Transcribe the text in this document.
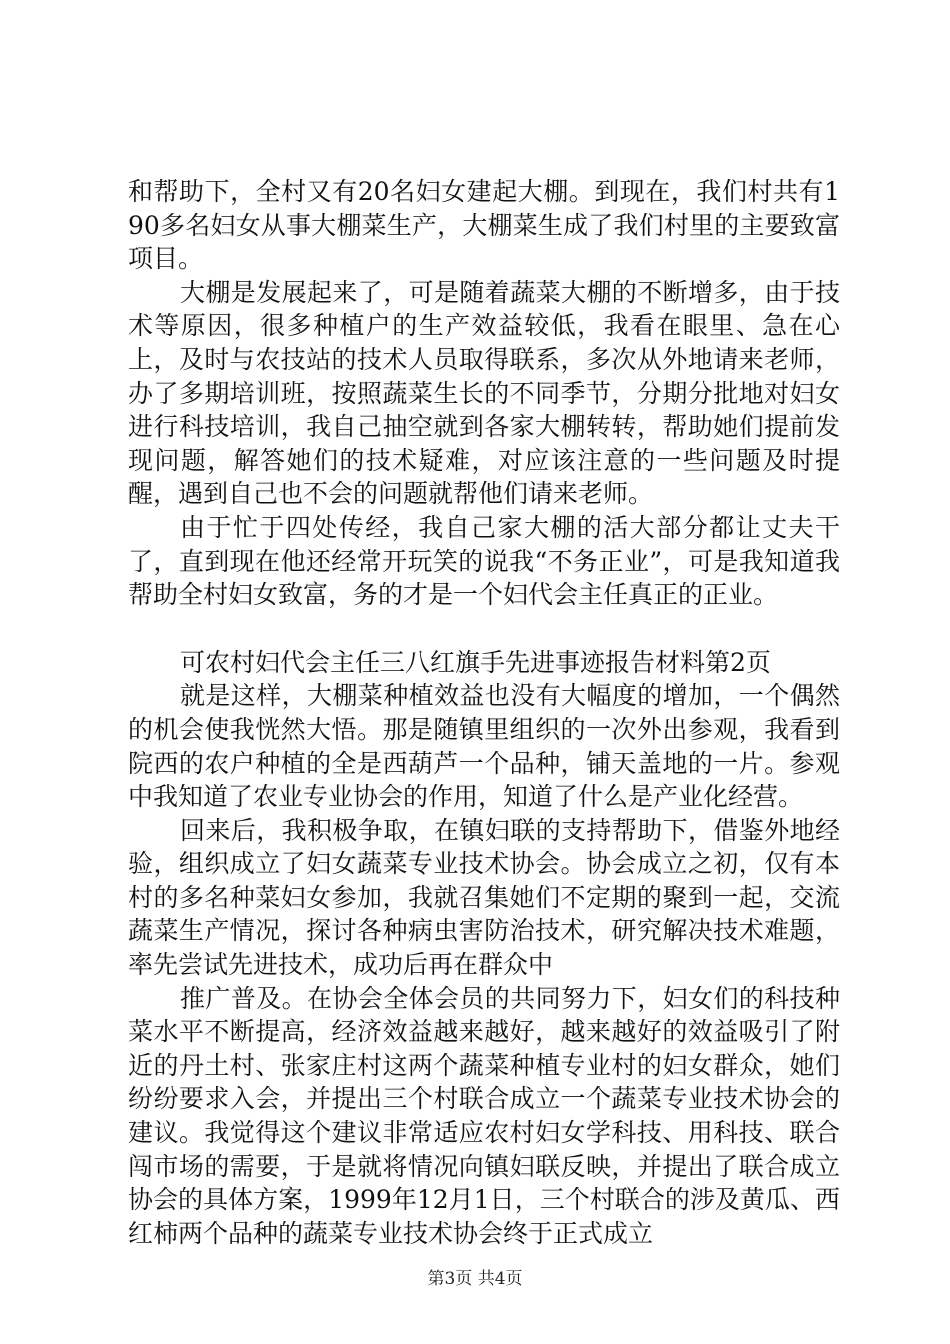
和帮助下，全村又有20名妇女建起大棚。到现在，我们村共有190多名妇女从事大棚菜生产，大棚菜生成了我们村里的主要致富项目。

大棚是发展起来了，可是随着蔬菜大棚的不断增多，由于技术等原因，很多种植户的生产效益较低，我看在眼里、急在心上，及时与农技站的技术人员取得联系，多次从外地请来老师，办了多期培训班，按照蔬菜生长的不同季节，分期分批地对妇女进行科技培训，我自己抽空就到各家大棚转转，帮助她们提前发现问题，解答她们的技术疑难，对应该注意的一些问题及时提醒，遇到自己也不会的问题就帮他们请来老师。

由于忙于四处传经，我自己家大棚的活大部分都让丈夫干了，直到现在他还经常开玩笑的说我“不务正业”，可是我知道我帮助全村妇女致富，务的才是一个妇代会主任真正的正业。

可农村妇代会主任三八红旗手先进事迹报告材料第2页

就是这样，大棚菜种植效益也没有大幅度的增加，一个偶然的机会使我恍然大悟。那是随镇里组织的一次外出参观，我看到院西的农户种植的全是西葫芦一个品种，铺天盖地的一片。参观中我知道了农业专业协会的作用，知道了什么是产业化经营。

回来后，我积极争取，在镇妇联的支持帮助下，借鉴外地经验，组织成立了妇女蔬菜专业技术协会。协会成立之初，仅有本村的多名种菜妇女参加，我就召集她们不定期的聚到一起，交流蔬菜生产情况，探讨各种病虫害防治技术，研究解决技术难题，率先尝试先进技术，成功后再在群众中

推广普及。在协会全体会员的共同努力下，妇女们的科技种菜水平不断提高，经济效益越来越好，越来越好的效益吸引了附近的丹土村、张家庄村这两个蔬菜种植专业村的妇女群众，她们纷纷要求入会，并提出三个村联合成立一个蔬菜专业技术协会的建议。我觉得这个建议非常适应农村妇女学科技、用科技、联合闯市场的需要，于是就将情况向镇妇联反映，并提出了联合成立协会的具体方案，1999年12月1日，三个村联合的涉及黄瓜、西红柿两个品种的蔬菜专业技术协会终于正式成立

第3页 共4页
